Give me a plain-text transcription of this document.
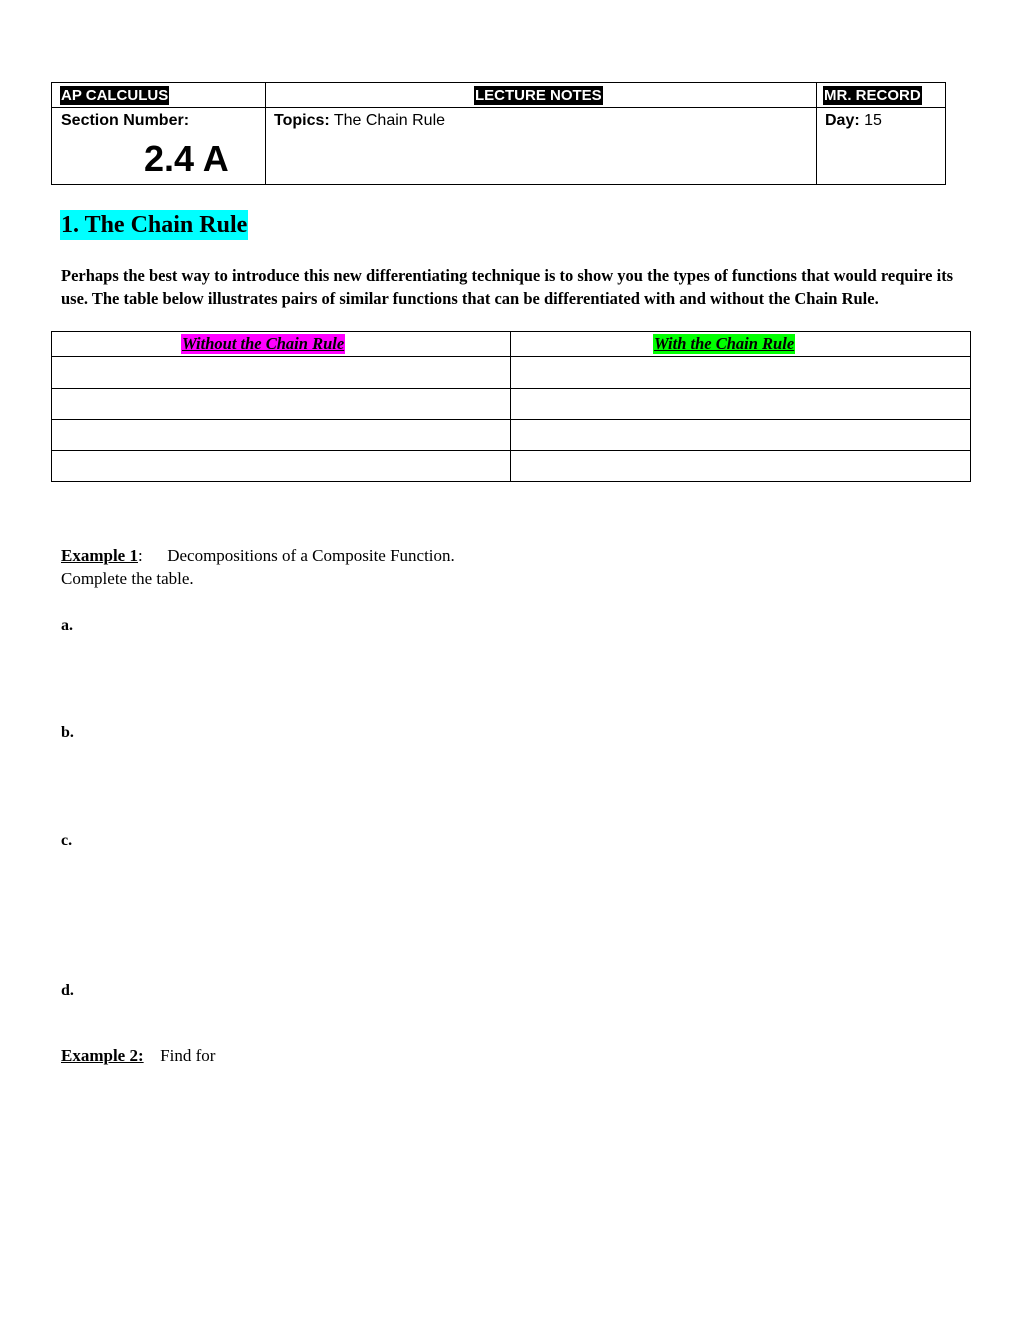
AP CALCULUS	LECTURE NOTES	MR. RECORD
Section Number:
2.4 A
Topics: The Chain Rule	Day: 15
1. The Chain Rule
Perhaps the best way to introduce this new differentiating technique is to show you the types of functions that would require its use. The table below illustrates pairs of similar functions that can be differentiated with and without the Chain Rule.
Without the Chain Rule	With the Chain Rule
Example 1: Decompositions of a Composite Function.
Complete the table.
a.
b.
c.
d.
Example 2: Find for
